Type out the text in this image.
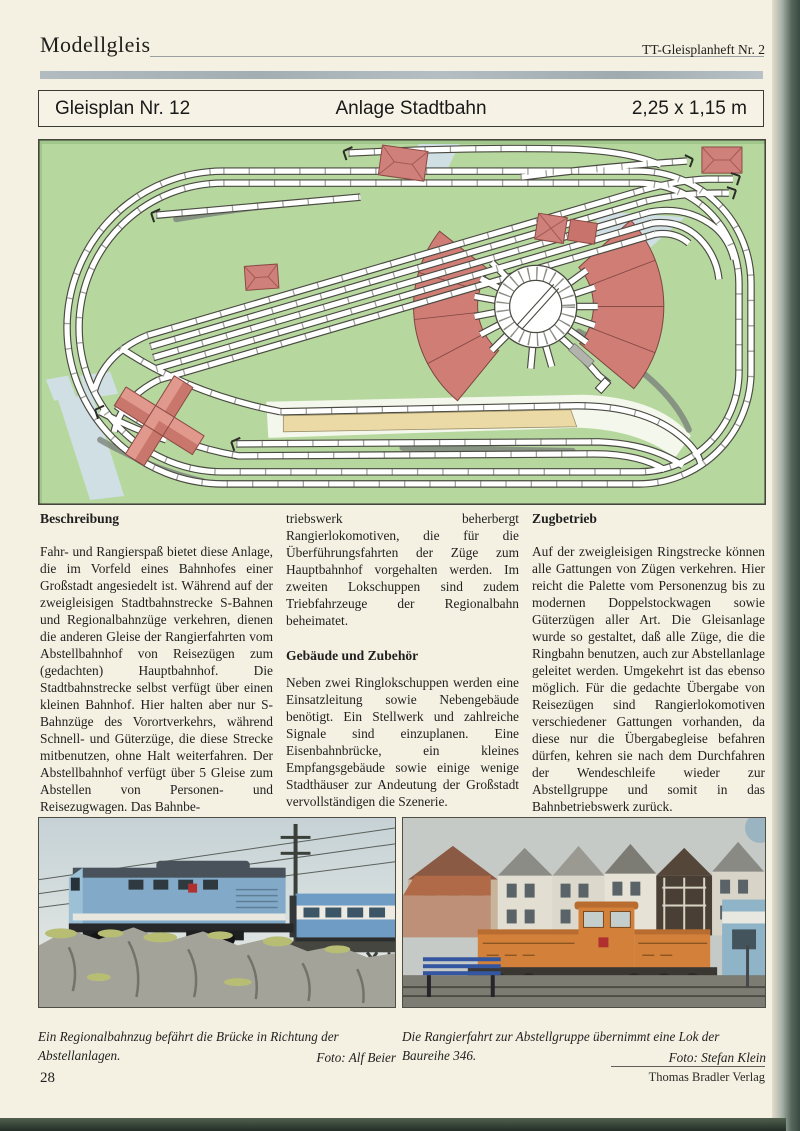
Modellgleis	TT-Gleisplanheft Nr. 2
Gleisplan Nr. 12	Anlage Stadtbahn	2,25 x 1,15 m
Beschreibung

Fahr- und Rangierspaß bietet diese Anlage, die im Vorfeld eines Bahnhofes einer Großstadt angesiedelt ist. Während auf der zweigleisigen Stadtbahnstrecke S-Bahnen und Regionalbahnzüge verkehren, dienen die anderen Gleise der Rangierfahrten vom Abstellbahnhof von Reisezügen zum (gedachten) Hauptbahnhof. Die Stadtbahnstrecke selbst verfügt über einen kleinen Bahnhof. Hier halten aber nur S-Bahnzüge des Vorortverkehrs, während Schnell- und Güterzüge, die diese Strecke mitbenutzen, ohne Halt weiterfahren. Der Abstellbahnhof verfügt über 5 Gleise zum Abstellen von Personen- und Reisezugwagen. Das Bahnbe-

triebswerk beherbergt Rangierlokomotiven, die für die Überführungsfahrten der Züge zum Hauptbahnhof vorgehalten werden. Im zweiten Lokschuppen sind zudem Triebfahrzeuge der Regionalbahn beheimatet.

Gebäude und Zubehör

Neben zwei Ringlokschuppen werden eine Einsatzleitung sowie Nebengebäude benötigt. Ein Stellwerk und zahlreiche Signale sind einzuplanen. Eine Eisenbahnbrücke, ein kleines Empfangsgebäude sowie einige wenige Stadthäuser zur Andeutung der Großstadt vervollständigen die Szenerie.

Zugbetrieb

Auf der zweigleisigen Ringstrecke können alle Gattungen von Zügen verkehren. Hier reicht die Palette vom Personenzug bis zu modernen Doppelstockwagen sowie Güterzügen aller Art. Die Gleisanlage wurde so gestaltet, daß alle Züge, die die Ringbahn benutzen, auch zur Abstellanlage geleitet werden. Umgekehrt ist das ebenso möglich. Für die gedachte Übergabe von Reisezügen sind Rangierlokomotiven verschiedener Gattungen vorhanden, da diese nur die Übergabegleise befahren dürfen, kehren sie nach dem Durchfahren der Wendeschleife wieder zur Abstellgruppe und somit in das Bahnbetriebswerk zurück.

Ein Regionalbahnzug befährt die Brücke in Richtung der Abstellanlagen.	Foto: Alf Beier

Die Rangierfahrt zur Abstellgruppe übernimmt eine Lok der Baureihe 346.	Foto: Stefan Klein

28	Thomas Bradler Verlag
